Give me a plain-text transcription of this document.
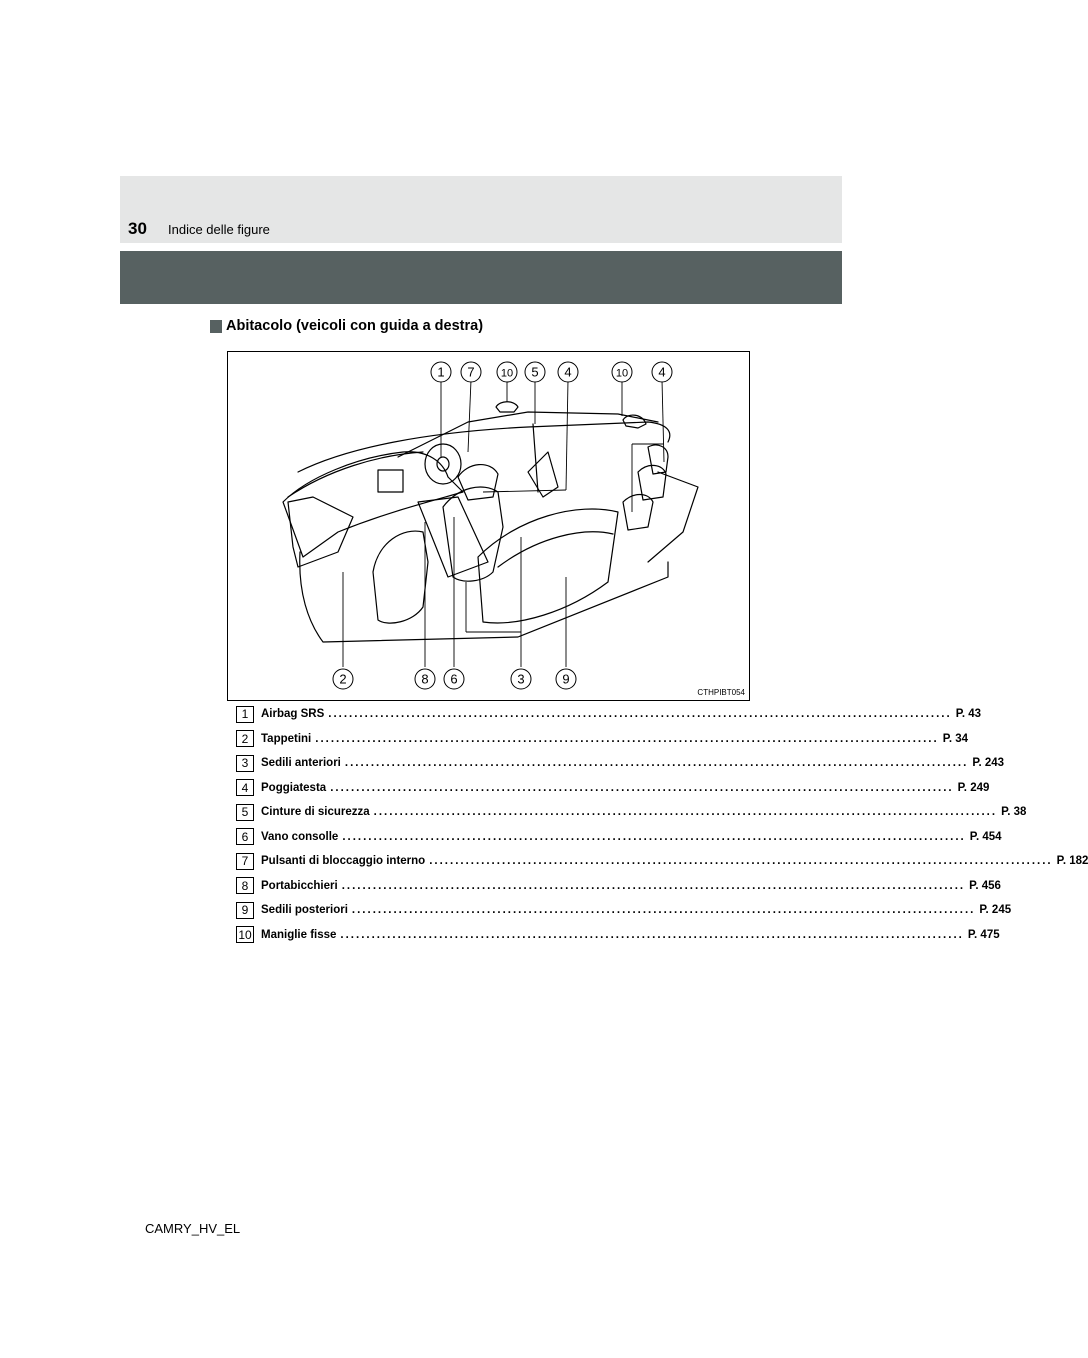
30 Indice delle figure
Abitacolo (veicoli con guida a destra)
1 7 10 5 4	10 4
2	8 6	3	9
CTHPIBT054
1	Airbag SRS ........................................................................................................................ P. 43
2	Tappetini ........................................................................................................................ P. 34
3	Sedili anteriori ........................................................................................................................ P. 243
4	Poggiatesta ........................................................................................................................ P. 249
5	Cinture di sicurezza ........................................................................................................................ P. 38
6	Vano consolle ........................................................................................................................ P. 454
7	Pulsanti di bloccaggio interno ........................................................................................................................ P. 182
8	Portabicchieri ........................................................................................................................ P. 456
9	Sedili posteriori ........................................................................................................................ P. 245
10 Maniglie fisse ........................................................................................................................ P. 475
CAMRY_HV_EL
